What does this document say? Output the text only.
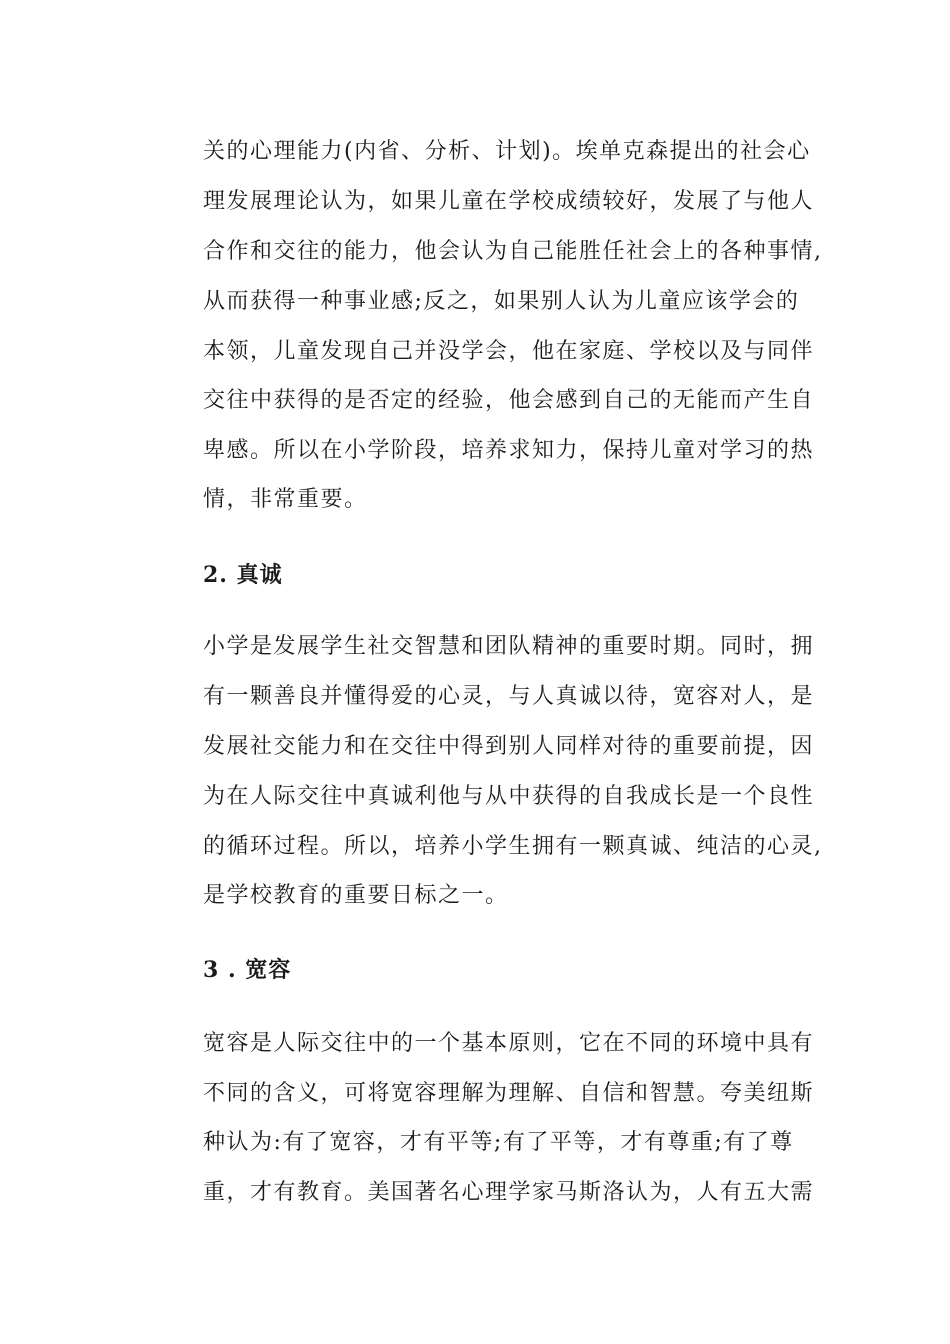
关的心理能力(内省、分析、计划)。埃单克森提出的社会心
理发展理论认为，如果儿童在学校成绩较好，发展了与他人
合作和交往的能力，他会认为自己能胜任社会上的各种事情,
从而获得一种事业感;反之，如果别人认为儿童应该学会的
本领，儿童发现自己并没学会，他在家庭、学校以及与同伴
交往中获得的是否定的经验，他会感到自己的无能而产生自
卑感。所以在小学阶段，培养求知力，保持儿童对学习的热
情，非常重要。
2. 真诚
小学是发展学生社交智慧和团队精神的重要时期。同时，拥
有一颗善良并懂得爱的心灵，与人真诚以待，宽容对人，是
发展社交能力和在交往中得到别人同样对待的重要前提，因
为在人际交往中真诚利他与从中获得的自我成长是一个良性
的循环过程。所以，培养小学生拥有一颗真诚、纯洁的心灵,
是学校教育的重要日标之一。
3 . 宽容
宽容是人际交往中的一个基本原则，它在不同的环境中具有
不同的含义，可将宽容理解为理解、自信和智慧。夸美纽斯
种认为:有了宽容，才有平等;有了平等，才有尊重;有了尊
重，才有教育。美国著名心理学家马斯洛认为，人有五大需
